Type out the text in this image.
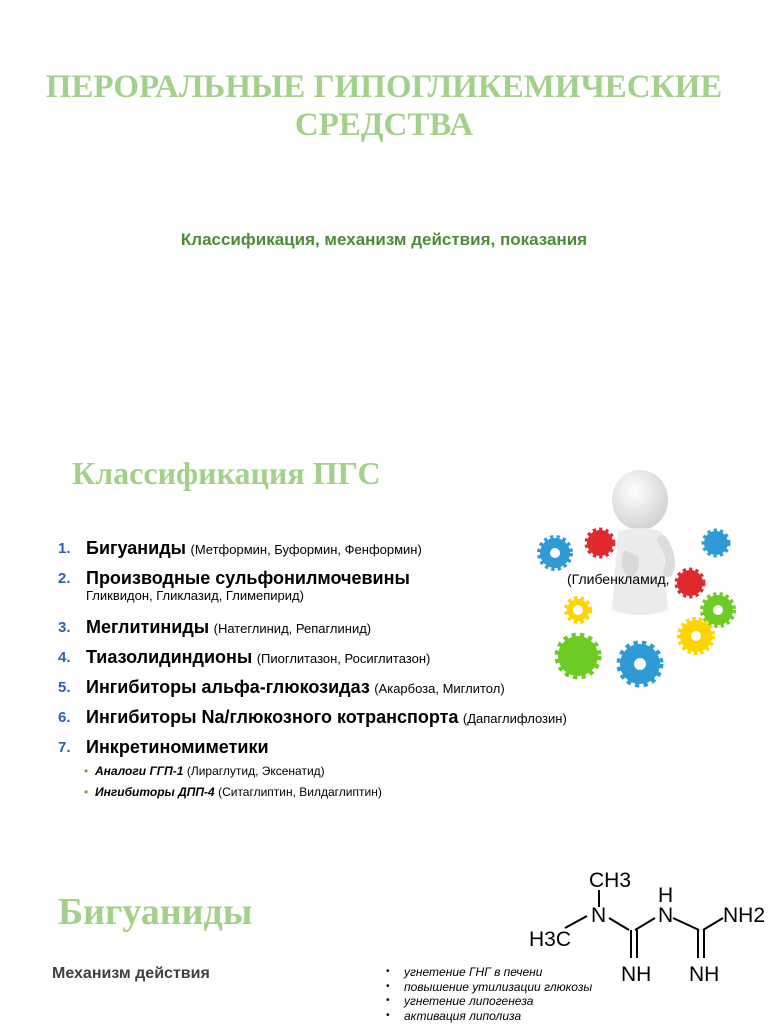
ПЕРОРАЛЬНЫЕ ГИПОГЛИКЕМИЧЕСКИЕ
СРЕДСТВА

Классификация, механизм действия, показания

Классификация ПГС
(Глибенкламид,
1. Бигуаниды (Метформин, Буформин, Фенформин)
2. Производные сульфонилмочевины
Гликвидон, Гликлазид, Глимепирид)
3. Меглитиниды (Натеглинид, Репаглинид)
4. Тиазолидиндионы (Пиоглитазон, Росиглитазон)
5. Ингибиторы альфа-глюкозидаз (Акарбоза, Миглитол)
6. Ингибиторы Na/глюкозного котранспорта (Дапаглифлозин)
7. Инкретиномиметики
• Аналоги ГГП-1 (Лираглутид, Эксенатид)
• Ингибиторы ДПП-4 (Ситаглиптин, Вилдаглиптин)
Бигуаниды
Механизм действия	• угнетение ГНГ в печени
• повышение утилизации глюкозы
• угнетение липогенеза
• активация липолиза
CH3
H3C
N N
H
NH2
NH NH
